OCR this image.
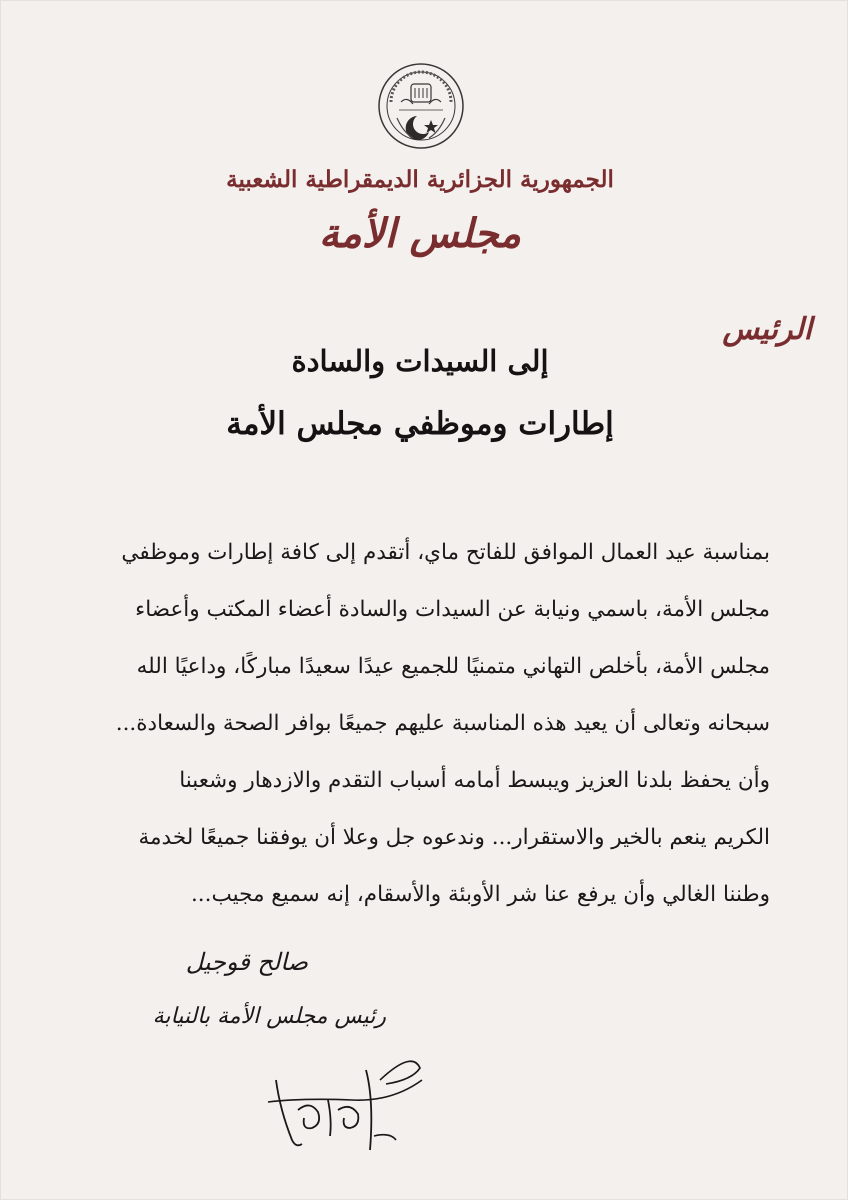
الجمهورية الجزائرية الديمقراطية الشعبية
مجلس الأمة
الرئيس
إلى السيدات والسادة
إطارات وموظفي مجلس الأمة
بمناسبة عيد العمال الموافق للفاتح ماي، أتقدم إلى كافة إطارات وموظفي
مجلس الأمة، باسمي ونيابة عن السيدات والسادة أعضاء المكتب وأعضاء
مجلس الأمة، بأخلص التهاني متمنيًا للجميع عيدًا سعيدًا مباركًا، وداعيًا الله
سبحانه وتعالى أن يعيد هذه المناسبة عليهم جميعًا بوافر الصحة والسعادة...
وأن يحفظ بلدنا العزيز ويبسط أمامه أسباب التقدم والازدهار وشعبنا
الكريم ينعم بالخير والاستقرار... وندعوه جل وعلا أن يوفقنا جميعًا لخدمة
وطننا الغالي وأن يرفع عنا شر الأوبئة والأسقام، إنه سميع مجيب...
صالح قوجيل
رئيس مجلس الأمة بالنيابة
